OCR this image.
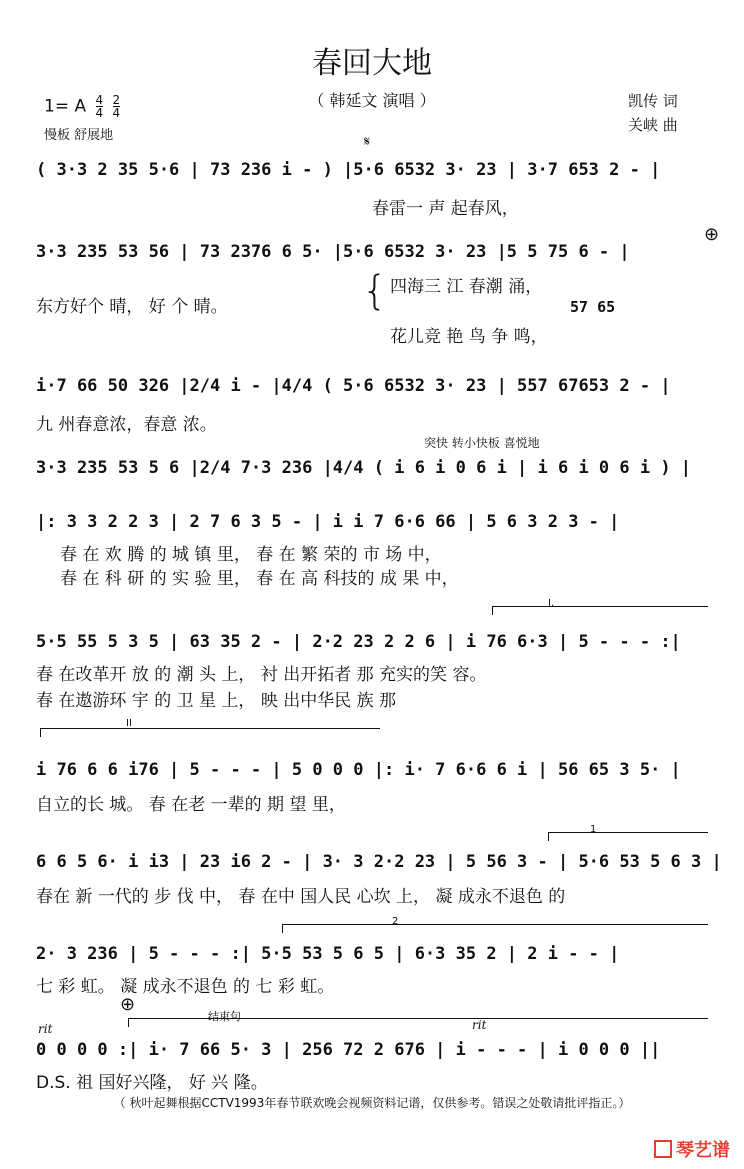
春回大地
（ 韩延文 演唱 ）
1= A $\frac{4}{4}$
$\frac{2}{4}$
慢板 舒展地
凯传 词
关峡 曲
𝄋
( 3·3 2 35 5·6 | 73 236 i - ) |5·6 6532 3· 23 | 3·7 653 2 - |
春雷一 声 起春风，
⊕
3·3 235 53 56 | 73 2376 6 5· |5·6 6532 3· 23 |5 5 75 6 - |
东方好个 晴， 好 个 晴。	{ 四海三 江 春潮 涌，
57 65
花儿竞 艳 鸟 争 鸣，
i·7 66 50 326 |2/4 i - |4/4 ( 5·6 6532 3· 23 | 557 67653 2 - |
九 州春意浓，春意 浓。
突快 转小快板 喜悦地
3·3 235 53 5 6 |2/4 7·3 236 |4/4 ( i 6 i 0 6 i | i 6 i 0 6 i ) |
|: 3 3 2 2 3 | 2 7 6 3 5 - | i i 7 6·6 66 | 5 6 3 2 3 - |
春 在 欢 腾 的 城 镇 里， 春 在 繁 荣的 市 场 中，
春 在 科 研 的 实 验 里， 春 在 高 科技的 成 果 中，
I.
5·5 55 5 3 5 | 63 35 2 - | 2·2 23 2 2 6 | i 76 6·3 | 5 - - - :|
春 在改革开 放 的 潮 头 上， 衬 出开拓者 那 充实的笑 容。
春 在遨游环 宇 的 卫 星 上， 映 出中华民 族 那
II
i 76 6 6 i76 | 5 - - - | 5 0 0 0 |: i· 7 6·6 6 i | 56 65 3 5· |
自立的长 城。 春 在老 一辈的 期 望 里，
1
6 6 5 6· i i3 | 23 i6 2 - | 3· 3 2·2 23 | 5 56 3 - | 5·6 53 5 6 3 |
春在 新 一代的 步 伐 中， 春 在中 国人民 心坎 上， 凝 成永不退色 的
2
2· 3 236 | 5 - - - :| 5·5 53 5 6 5 | 6·3 35 2 | 2 i - - |
七 彩 虹。 凝 成永不退色 的 七 彩 虹。
⊕
结束句
rit	rit
0 0 0 0 :| i· 7 66 5· 3 | 256 72 2 676 | i - - - | i 0 0 0 ||
D.S. 祖 国好兴隆， 好 兴 隆。
（ 秋叶起舞根据CCTV1993年春节联欢晚会视频资料记谱，仅供参考。错误之处敬请批评指正。）
琴艺谱
